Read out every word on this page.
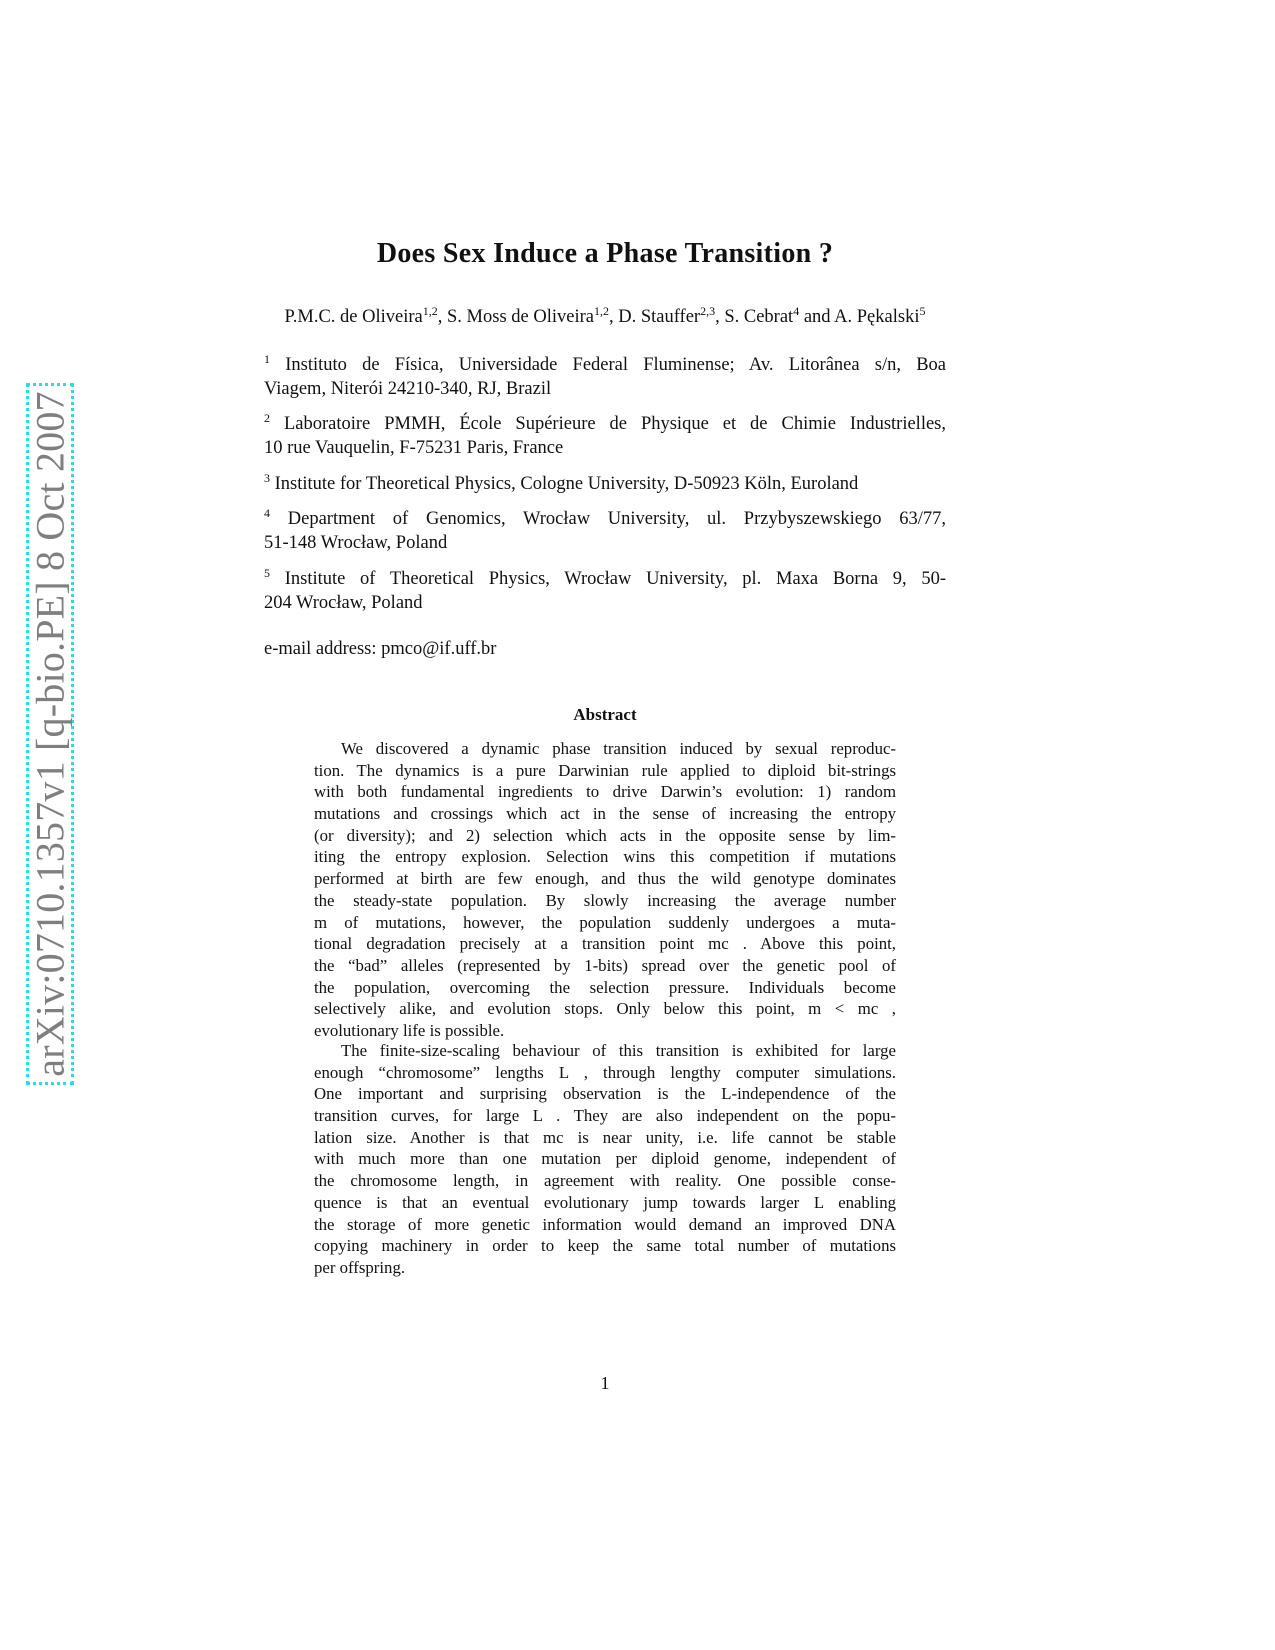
arXiv:0710.1357v1 [q-bio.PE] 8 Oct 2007
Does Sex Induce a Phase Transition ?
P.M.C. de Oliveira$^{1,2}$, S. Moss de Oliveira$^{1,2}$, D. Stauffer$^{2,3}$, S. Cebrat$^4$ and A. Pękalski$^5$
$^1$ Instituto de Física, Universidade Federal Fluminense; Av. Litorânea s/n, Boa
Viagem, Niterói 24210-340, RJ, Brazil
$^2$ Laboratoire PMMH, École Supérieure de Physique et de Chimie Industrielles,
10 rue Vauquelin, F-75231 Paris, France
$^3$ Institute for Theoretical Physics, Cologne University, D-50923 Köln, Euroland
$^4$ Department of Genomics, Wrocław University, ul. Przybyszewskiego 63/77,
51-148 Wrocław, Poland
$^5$ Institute of Theoretical Physics, Wrocław University, pl. Maxa Borna 9, 50-
204 Wrocław, Poland
e-mail address: pmco@if.uff.br
Abstract
We discovered a dynamic phase transition induced by sexual reproduc-
tion. The dynamics is a pure Darwinian rule applied to diploid bit-strings
with both fundamental ingredients to drive Darwin’s evolution: 1) random
mutations and crossings which act in the sense of increasing the entropy
(or diversity); and 2) selection which acts in the opposite sense by lim-
iting the entropy explosion. Selection wins this competition if mutations
performed at birth are few enough, and thus the wild genotype dominates
the steady-state population. By slowly increasing the average number
m of mutations, however, the population suddenly undergoes a muta-
tional degradation precisely at a transition point mc . Above this point,
the “bad” alleles (represented by 1-bits) spread over the genetic pool of
the population, overcoming the selection pressure. Individuals become
selectively alike, and evolution stops. Only below this point, m < mc ,
evolutionary life is possible.
The finite-size-scaling behaviour of this transition is exhibited for large
enough “chromosome” lengths L , through lengthy computer simulations.
One important and surprising observation is the L-independence of the
transition curves, for large L . They are also independent on the popu-
lation size. Another is that mc is near unity, i.e. life cannot be stable
with much more than one mutation per diploid genome, independent of
the chromosome length, in agreement with reality. One possible conse-
quence is that an eventual evolutionary jump towards larger L enabling
the storage of more genetic information would demand an improved DNA
copying machinery in order to keep the same total number of mutations
per offspring.
1
